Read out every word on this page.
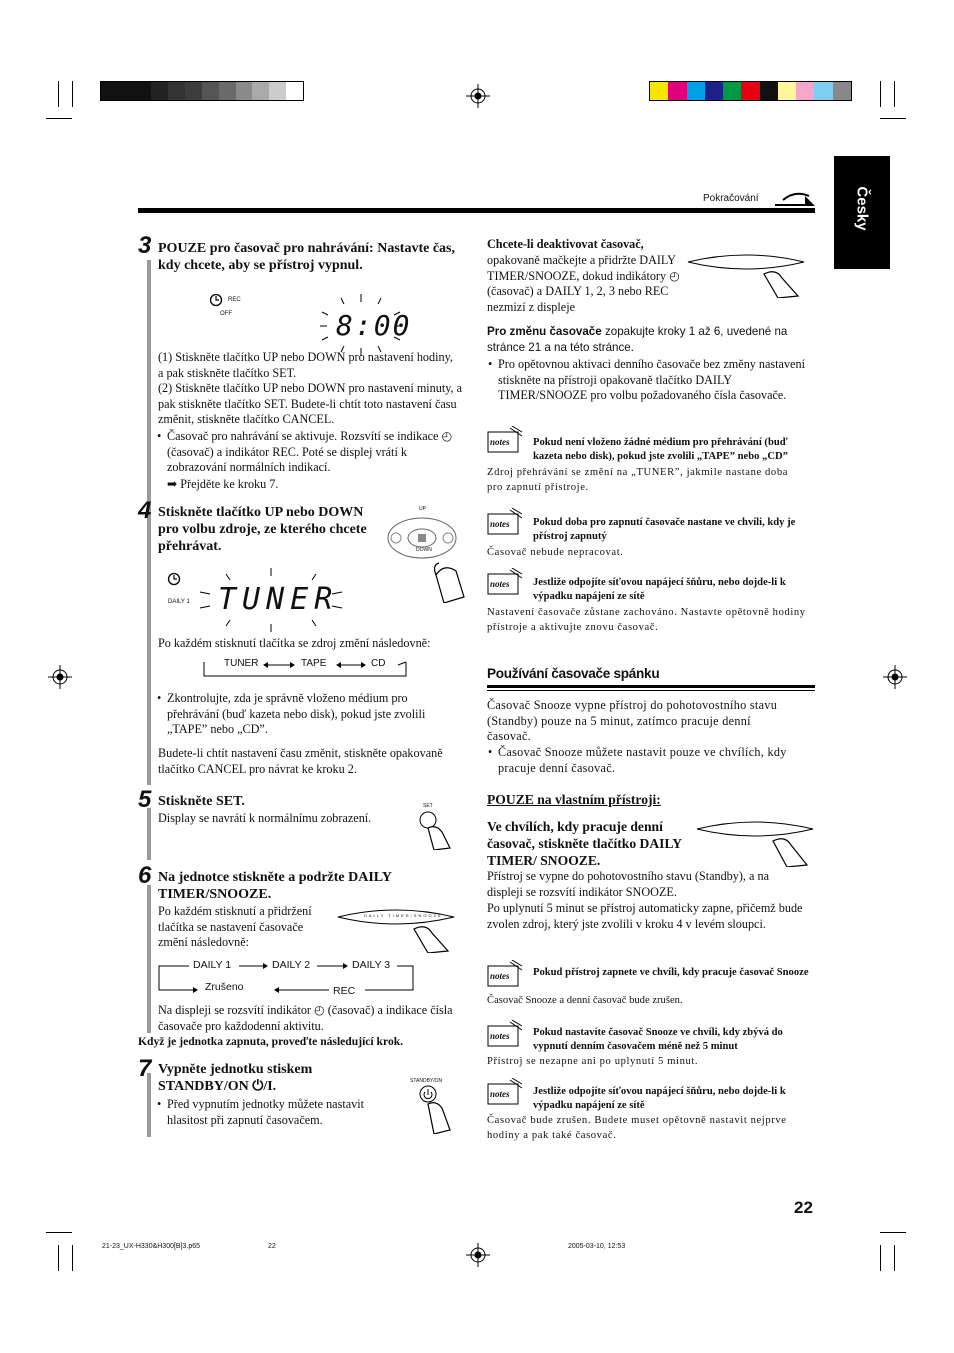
Pokračování	Česky
3 POUZE pro časovač pro nahrávání: Nastavte čas, kdy chcete, aby se přístroj vypnul.
REC
OFF	8:00
(1) Stiskněte tlačítko UP nebo DOWN pro nastavení hodiny, a pak stiskněte tlačítko SET.
(2) Stiskněte tlačítko UP nebo DOWN pro nastavení minuty, a pak stiskněte tlačítko SET. Budete-li chtít toto nastavení času změnit, stiskněte tlačítko CANCEL.
• Časovač pro nahrávání se aktivuje. Rozsvítí se indikace ◴ (časovač) a indikátor REC. Poté se displej vrátí k zobrazování normálních indikací.
➡ Přejděte ke kroku 7.
4 Stiskněte tlačítko UP nebo DOWN pro volbu zdroje, ze kterého chcete přehrávat.
UP
DOWN
DAILY 1 TUNER
Po každém stisknutí tlačítka se zdroj změní následovně:
TUNER	TAPE	CD
• Zkontrolujte, zda je správně vloženo médium pro přehrávání (buď kazeta nebo disk), pokud jste zvolili „TAPE” nebo „CD”.
Budete-li chtít nastavení času změnit, stiskněte opakovaně tlačítko CANCEL pro návrat ke kroku 2.
5 Stiskněte SET.
Display se navrátí k normálnímu zobrazení.
SET
6 Na jednotce stiskněte a podržte DAILY TIMER/SNOOZE.
Po každém stisknutí a přidržení tlačítka se nastavení časovače změní následovně:
DAILY TIMER/SNOOZE
DAILY 1	DAILY 2	DAILY 3
Zrušeno	REC
Na displeji se rozsvítí indikátor ◴ (časovač) a indikace čísla časovače pro každodenní aktivitu.
Když je jednotka zapnuta, proveďte následující krok.
7 Vypněte jednotku stiskem STANDBY/ON ⏻/I.
• Před vypnutím jednotky můžete nastavit hlasitost při zapnutí časovačem.
STANDBY/ON
Chcete-li deaktivovat časovač,
opakovaně mačkejte a přidržte DAILY TIMER/SNOOZE, dokud indikátory ◴ (časovač) a DAILY 1, 2, 3 nebo REC nezmizí z displeje
Pro změnu časovače zopakujte kroky 1 až 6, uvedené na stránce 21 a na této stránce.
• Pro opětovnou aktivaci denního časovače bez změny nastavení stiskněte na přístroji opakovaně tlačítko DAILY TIMER/SNOOZE pro volbu požadovaného čísla časovače.
notes Pokud není vloženo žádné médium pro přehrávání (buď kazeta nebo disk), pokud jste zvolili „TAPE” nebo „CD”
Zdroj přehrávání se změní na „TUNER”, jakmile nastane doba pro zapnutí přístroje.
notes Pokud doba pro zapnutí časovače nastane ve chvíli, kdy je přístroj zapnutý
Časovač nebude nepracovat.
notes Jestliže odpojíte síťovou napájecí šňůru, nebo dojde-li k výpadku napájení ze sítě
Nastavení časovače zůstane zachováno. Nastavte opětovně hodiny přístroje a aktivujte znovu časovač.
Používání časovače spánku
Časovač Snooze vypne přístroj do pohotovostního stavu (Standby) pouze na 5 minut, zatímco pracuje denní časovač.
• Časovač Snooze můžete nastavit pouze ve chvílích, kdy pracuje denní časovač.
POUZE na vlastním přístroji:
Ve chvílích, kdy pracuje denní časovač, stiskněte tlačítko DAILY TIMER/ SNOOZE.
Přístroj se vypne do pohotovostního stavu (Standby), a na displeji se rozsvítí indikátor SNOOZE.
Po uplynutí 5 minut se přístroj automaticky zapne, přičemž bude zvolen zdroj, který jste zvolili v kroku 4 v levém sloupci.
notes Pokud přístroj zapnete ve chvíli, kdy pracuje časovač Snooze
Časovač Snooze a denní časovač bude zrušen.
notes Pokud nastavíte časovač Snooze ve chvíli, kdy zbývá do vypnutí denním časovačem méně než 5 minut
Přístroj se nezapne ani po uplynutí 5 minut.
notes Jestliže odpojíte síťovou napájecí šňůru, nebo dojde-li k výpadku napájení ze sítě
Časovač bude zrušen. Budete muset opětovně nastavit nejprve hodiny a pak také časovač.
22
21-23_UX-H330&H300[B]3.p65	22	2005-03-10, 12:53
